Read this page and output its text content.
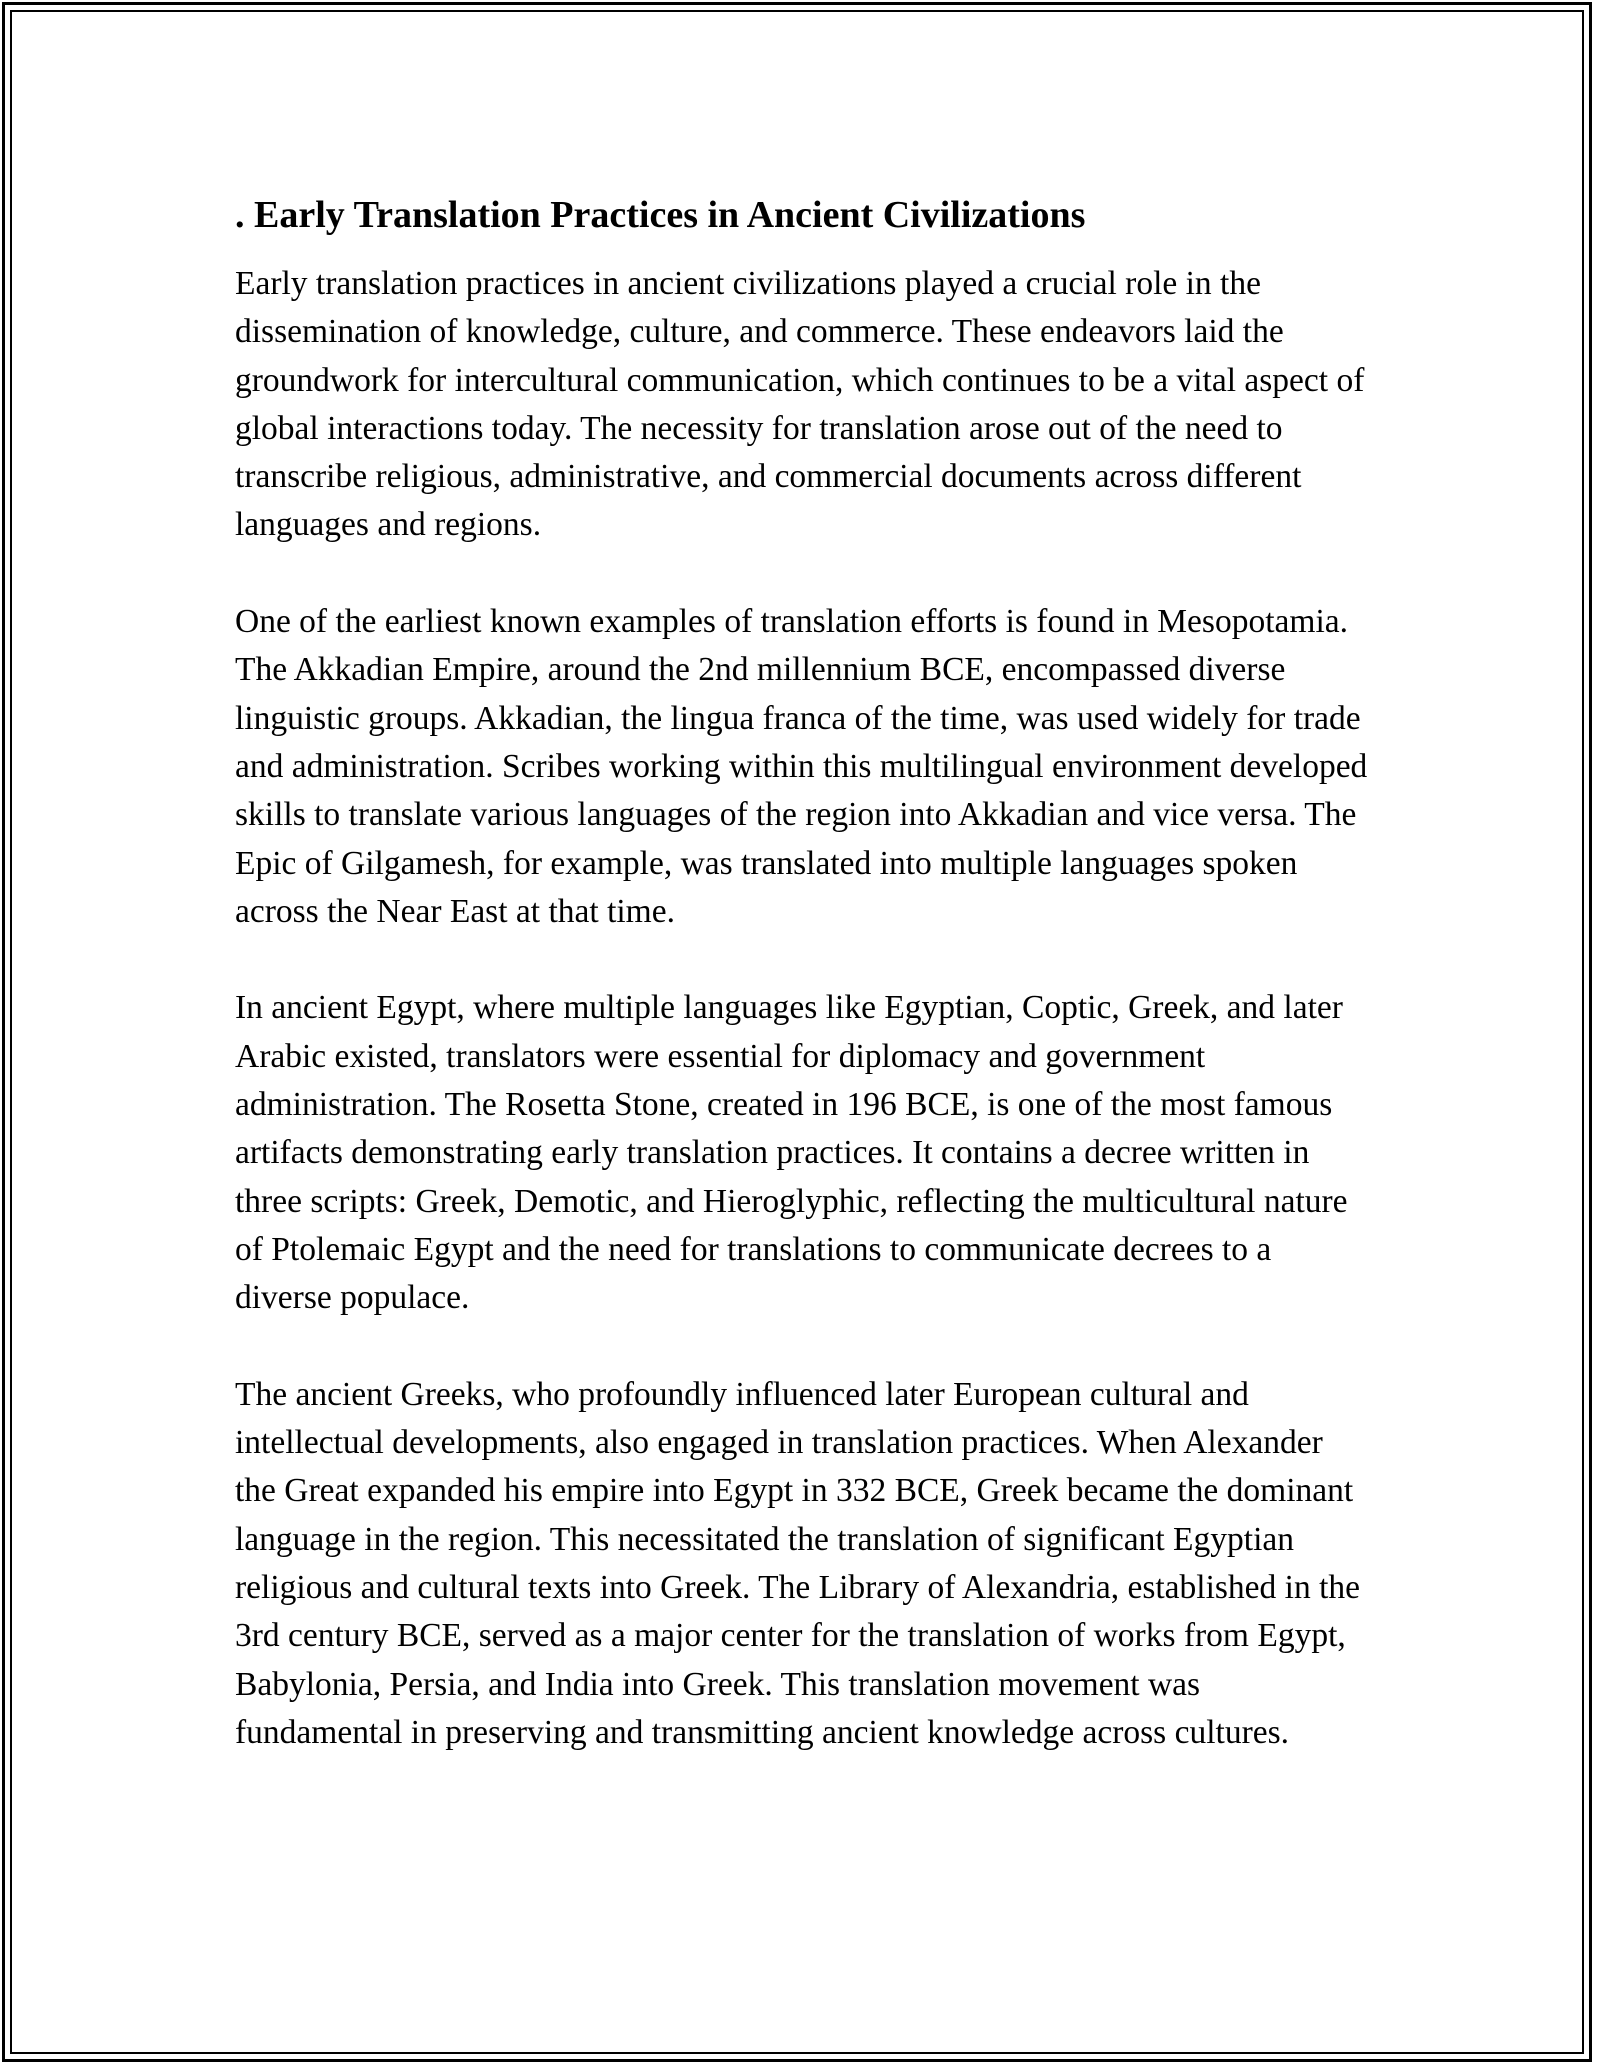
. Early Translation Practices in Ancient Civilizations

Early translation practices in ancient civilizations played a crucial role in the dissemination of knowledge, culture, and commerce. These endeavors laid the groundwork for intercultural communication, which continues to be a vital aspect of global interactions today. The necessity for translation arose out of the need to transcribe religious, administrative, and commercial documents across different languages and regions.

One of the earliest known examples of translation efforts is found in Mesopotamia. The Akkadian Empire, around the 2nd millennium BCE, encompassed diverse linguistic groups. Akkadian, the lingua franca of the time, was used widely for trade and administration. Scribes working within this multilingual environment developed skills to translate various languages of the region into Akkadian and vice versa. The Epic of Gilgamesh, for example, was translated into multiple languages spoken across the Near East at that time.

In ancient Egypt, where multiple languages like Egyptian, Coptic, Greek, and later Arabic existed, translators were essential for diplomacy and government administration. The Rosetta Stone, created in 196 BCE, is one of the most famous artifacts demonstrating early translation practices. It contains a decree written in three scripts: Greek, Demotic, and Hieroglyphic, reflecting the multicultural nature of Ptolemaic Egypt and the need for translations to communicate decrees to a diverse populace.

The ancient Greeks, who profoundly influenced later European cultural and intellectual developments, also engaged in translation practices. When Alexander the Great expanded his empire into Egypt in 332 BCE, Greek became the dominant language in the region. This necessitated the translation of significant Egyptian religious and cultural texts into Greek. The Library of Alexandria, established in the 3rd century BCE, served as a major center for the translation of works from Egypt, Babylonia, Persia, and India into Greek. This translation movement was fundamental in preserving and transmitting ancient knowledge across cultures.
